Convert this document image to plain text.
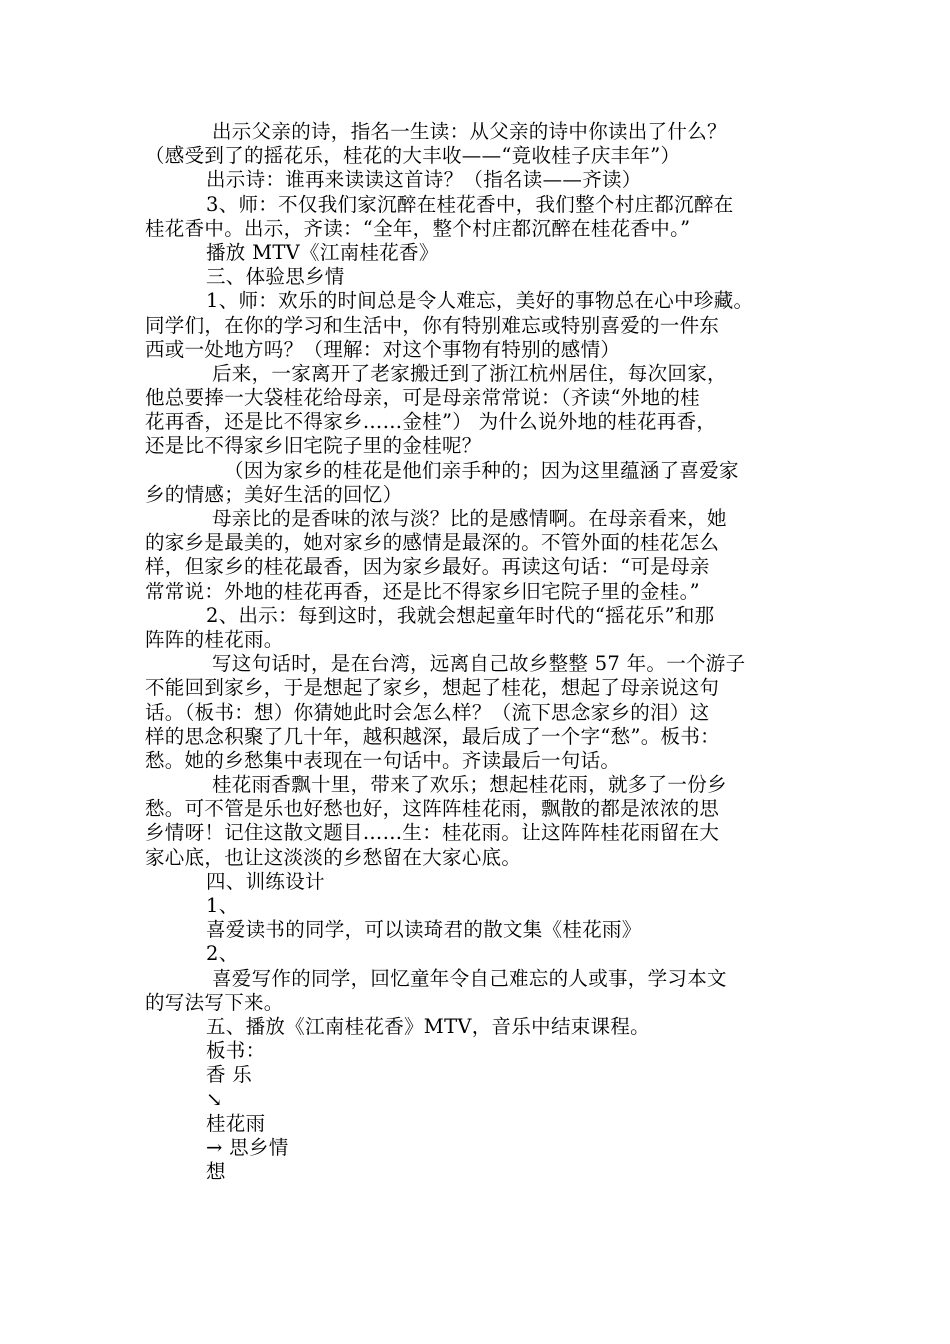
出示父亲的诗，指名一生读：从父亲的诗中你读出了什么？
（感受到了的摇花乐，桂花的大丰收——“竟收桂子庆丰年”）
出示诗：谁再来读读这首诗？（指名读——齐读）
3、师：不仅我们家沉醉在桂花香中，我们整个村庄都沉醉在
桂花香中。出示，齐读：“全年，整个村庄都沉醉在桂花香中。”
播放 MTV《江南桂花香》
三、体验思乡情
1、师：欢乐的时间总是令人难忘，美好的事物总在心中珍藏。
同学们，在你的学习和生活中，你有特别难忘或特别喜爱的一件东
西或一处地方吗？（理解：对这个事物有特别的感情）
后来，一家离开了老家搬迁到了浙江杭州居住，每次回家，
他总要捧一大袋桂花给母亲，可是母亲常常说：（齐读“外地的桂
花再香，还是比不得家乡……金桂”） 为什么说外地的桂花再香，
还是比不得家乡旧宅院子里的金桂呢？
（因为家乡的桂花是他们亲手种的；因为这里蕴涵了喜爱家
乡的情感；美好生活的回忆）
母亲比的是香味的浓与淡？比的是感情啊。在母亲看来，她
的家乡是最美的，她对家乡的感情是最深的。不管外面的桂花怎么
样，但家乡的桂花最香，因为家乡最好。再读这句话：“可是母亲
常常说：外地的桂花再香，还是比不得家乡旧宅院子里的金桂。”
2、出示：每到这时，我就会想起童年时代的“摇花乐”和那
阵阵的桂花雨。
写这句话时，是在台湾，远离自己故乡整整 57 年。一个游子
不能回到家乡，于是想起了家乡，想起了桂花，想起了母亲说这句
话。（板书：想）你猜她此时会怎么样？（流下思念家乡的泪）这
样的思念积聚了几十年，越积越深，最后成了一个字“愁”。板书：
愁。她的乡愁集中表现在一句话中。齐读最后一句话。
桂花雨香飘十里，带来了欢乐；想起桂花雨，就多了一份乡
愁。可不管是乐也好愁也好，这阵阵桂花雨，飘散的都是浓浓的思
乡情呀！记住这散文题目……生：桂花雨。让这阵阵桂花雨留在大
家心底，也让这淡淡的乡愁留在大家心底。
四、训练设计
1、
喜爱读书的同学，可以读琦君的散文集《桂花雨》
2、
喜爱写作的同学，回忆童年令自己难忘的人或事，学习本文
的写法写下来。
五、播放《江南桂花香》MTV，音乐中结束课程。
板书：
香 乐
↘
桂花雨
→ 思乡情
想
